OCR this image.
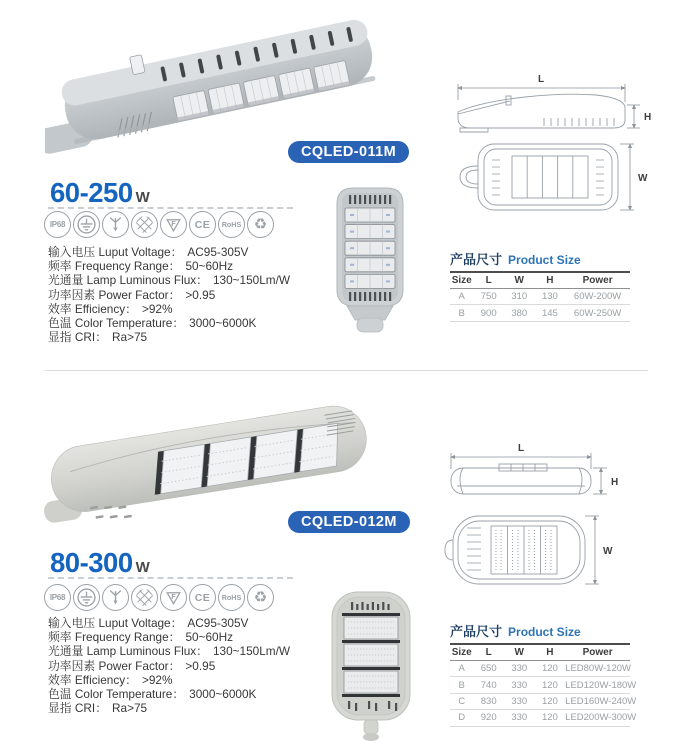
CQLED-011M
60-250 W
IP68	F	CE	RoHS ♻
输入电压 Luput Voltage： AC95-305V
频率 Frequency Range： 50~60Hz
光通量 Lamp Luminous Flux： 130~150Lm/W
功率因素 Power Factor： >0.95
效率 Efficiency： >92%
色温 Color Temperature： 3000~6000K
显指 CRI： Ra>75
L
H
W
产品尺寸 Product Size
Size	L	W	H	Power
A	750	310	130	60W-200W
B	900	380	145	60W-250W
CQLED-012M
80-300 W
IP68	F	CE	RoHS ♻
输入电压 Luput Voltage： AC95-305V
频率 Frequency Range： 50~60Hz
光通量 Lamp Luminous Flux： 130~150Lm/W
功率因素 Power Factor： >0.95
效率 Efficiency： >92%
色温 Color Temperature： 3000~6000K
显指 CRI： Ra>75
L
H
W
产品尺寸 Product Size
Size	L	W	H	Power
A	650	330	120	LED80W-120W
B	740	330	120	LED120W-180W
C	830	330	120	LED160W-240W
D	920	330	120	LED200W-300W
